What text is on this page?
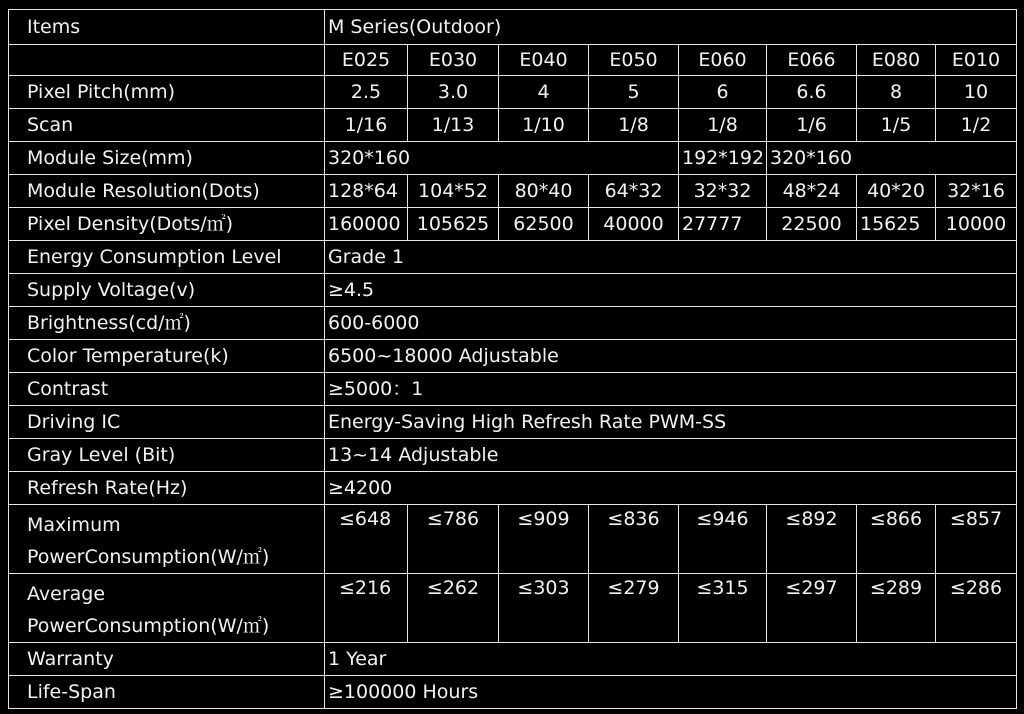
Items	M Series(Outdoor)							
	E025	E030	E040	E050	E060	E066	E080	E010
Pixel Pitch(mm)	2.5	3.0	4	5	6	6.6	8	10
Scan	1/16	1/13	1/10	1/8	1/8	1/6	1/5	1/2
Module Size(mm)	320*160				192*192	320*160		
Module Resolution(Dots)	128*64	104*52	80*40	64*32	32*32	48*24	40*20	32*16
Pixel Density(Dots/㎡)	160000	105625	62500	40000	27777	22500	15625	10000
Energy Consumption Level	Grade 1							
Supply Voltage(v)	≥4.5							
Brightness(cd/㎡)	600-6000							
Color Temperature(k)	6500~18000 Adjustable							
Contrast	≥5000：1							
Driving IC	Energy-Saving High Refresh Rate PWM-SS							
Gray Level (Bit)	13~14 Adjustable							
Refresh Rate(Hz)	≥4200							

Maximum
PowerConsumption(W/㎡)	≤648	≤786	≤909	≤836	≤946	≤892	≤866	≤857

Average
PowerConsumption(W/㎡)	≤216	≤262	≤303	≤279	≤315	≤297	≤289	≤286
Warranty	1 Year							
Life-Span	≥100000 Hours							
